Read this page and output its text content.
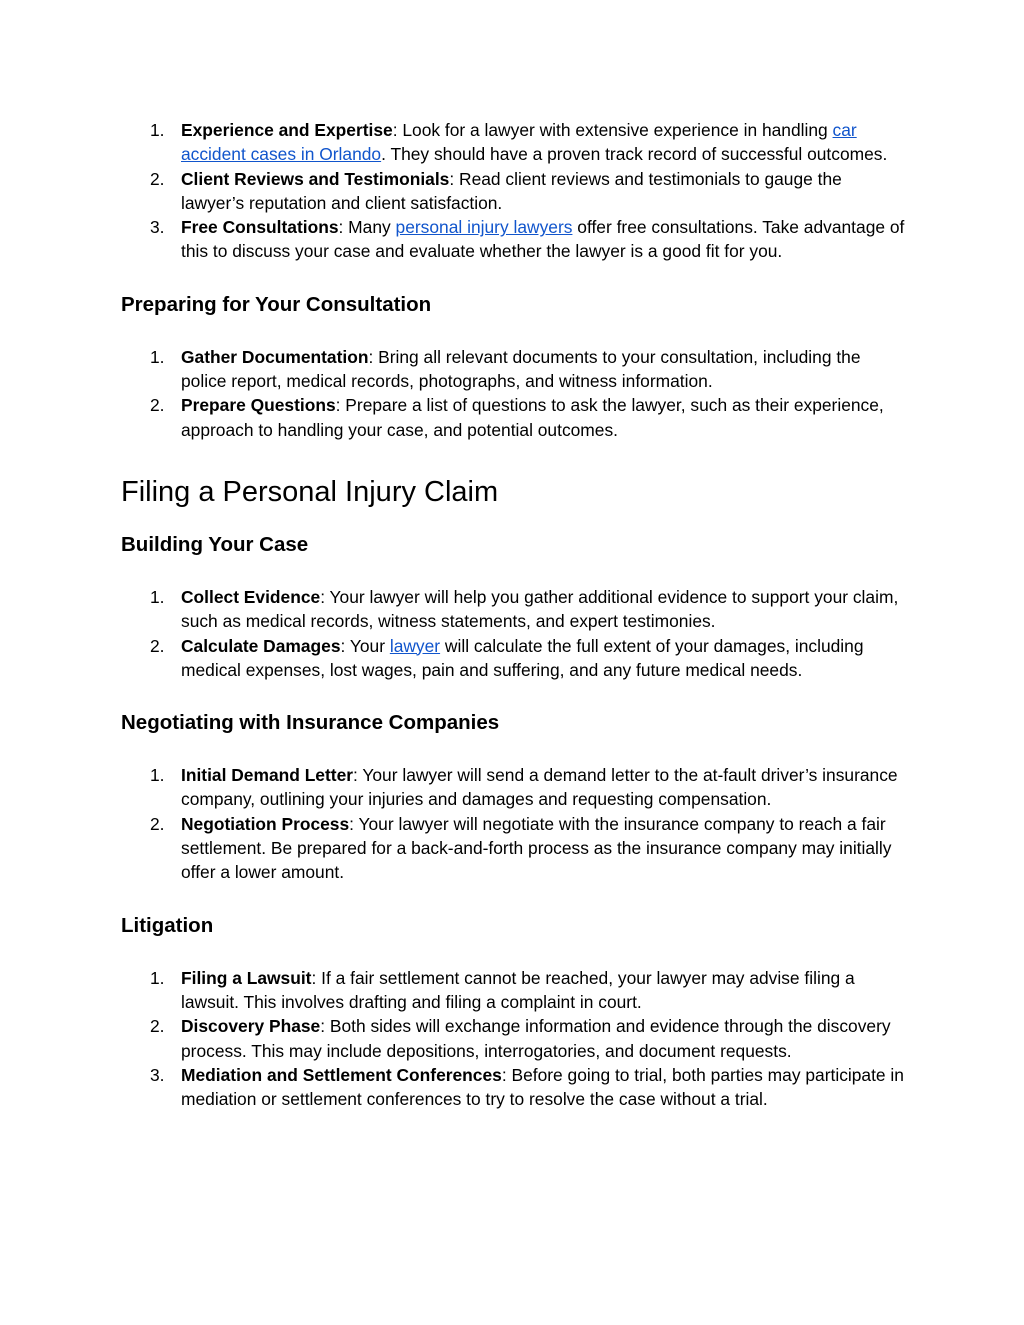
1. Experience and Expertise: Look for a lawyer with extensive experience in handling car accident cases in Orlando. They should have a proven track record of successful outcomes.
2. Client Reviews and Testimonials: Read client reviews and testimonials to gauge the lawyer’s reputation and client satisfaction.
3. Free Consultations: Many personal injury lawyers offer free consultations. Take advantage of this to discuss your case and evaluate whether the lawyer is a good fit for you.
Preparing for Your Consultation
1. Gather Documentation: Bring all relevant documents to your consultation, including the police report, medical records, photographs, and witness information.
2. Prepare Questions: Prepare a list of questions to ask the lawyer, such as their experience, approach to handling your case, and potential outcomes.
Filing a Personal Injury Claim
Building Your Case
1. Collect Evidence: Your lawyer will help you gather additional evidence to support your claim, such as medical records, witness statements, and expert testimonies.
2. Calculate Damages: Your lawyer will calculate the full extent of your damages, including medical expenses, lost wages, pain and suffering, and any future medical needs.
Negotiating with Insurance Companies
1. Initial Demand Letter: Your lawyer will send a demand letter to the at-fault driver’s insurance company, outlining your injuries and damages and requesting compensation.
2. Negotiation Process: Your lawyer will negotiate with the insurance company to reach a fair settlement. Be prepared for a back-and-forth process as the insurance company may initially offer a lower amount.
Litigation
1. Filing a Lawsuit: If a fair settlement cannot be reached, your lawyer may advise filing a lawsuit. This involves drafting and filing a complaint in court.
2. Discovery Phase: Both sides will exchange information and evidence through the discovery process. This may include depositions, interrogatories, and document requests.
3. Mediation and Settlement Conferences: Before going to trial, both parties may participate in mediation or settlement conferences to try to resolve the case without a trial.
